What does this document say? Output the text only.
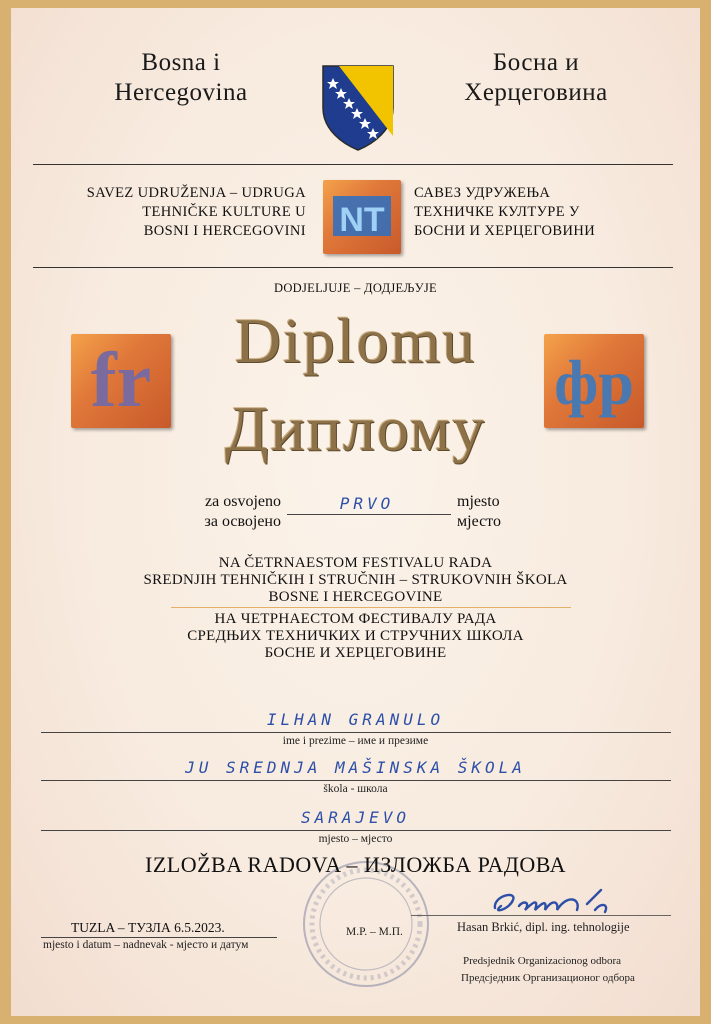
Bosna i
Hercegovina
Босна и
Херцеговина
SAVEZ UDRUŽENJA – UDRUGA
TEHNIČKE KULTURE U
BOSNI I HERCEGOVINI NT
САВЕЗ УДРУЖЕЊА
ТЕХНИЧКЕ КУЛТУРЕ У
БОСНИ И ХЕРЦЕГОВИНИ
DODJELJUJE – ДОДЈЕЉУЈЕ
fr	фр
Diplomu
Диплому
za osvojeno
за освојено
PRVO	mjesto
мјесто
NA ČETRNAESTOM FESTIVALU RADA
SREDNJIH TEHNIČKIH I STRUČNIH – STRUKOVNIH ŠKOLA
BOSNE I HERCEGOVINE
НА ЧЕТРНАЕСТОМ ФЕСТИВАЛУ РАДА
СРЕДЊИХ ТЕХНИЧКИХ И СТРУЧНИХ ШКОЛА
БОСНЕ И ХЕРЦЕГОВИНЕ
ILHAN GRANULO
ime i prezime – име и презиме
JU SREDNJA MAŠINSKA ŠKOLA
škola - школа
SARAJEVO
mjesto – мјесто
IZLOŽBA RADOVA – ИЗЛОЖБА РАДОВА
TUZLA – ТУЗЛА 6.5.2023.
mjesto i datum – nadnevak - мјесто и датум
M.P. – М.П.	Hasan Brkić, dipl. ing. tehnologije
Predsjednik Organizacionog odbora
Предсједник Организационог одбора
